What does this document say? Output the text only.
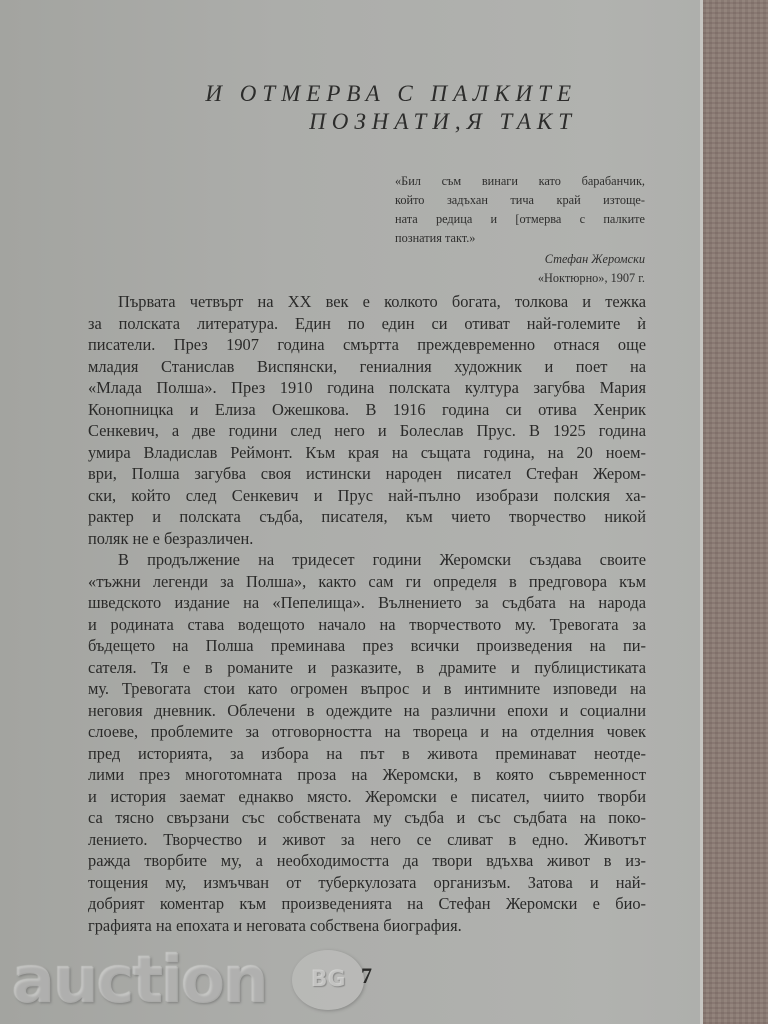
И ОТМЕРВА С ПАЛКИТЕ
ПОЗНАТИ,Я ТАКТ
«Бил съм винаги като барабанчик,
който задъхан тича край изтоще-
ната редица и [отмерва с палките
познатия такт.»
Стефан Жеромски
«Ноктюрно», 1907 г.
Първата четвърт на XX век е колкото богата, толкова и тежка
за полската литература. Един по един си отиват най-големите ѝ
писатели. През 1907 година смъртта преждевременно отнася още
младия Станислав Виспянски, гениалния художник и поет на
«Млада Полша». През 1910 година полската култура загубва Мария
Конопницка и Елиза Ожешкова. В 1916 година си отива Хенрик
Сенкевич, а две години след него и Болеслав Прус. В 1925 година
умира Владислав Реймонт. Към края на същата година, на 20 ноем-
ври, Полша загубва своя истински народен писател Стефан Жером-
ски, който след Сенкевич и Прус най-пълно изобрази полския ха-
рактер и полската съдба, писателя, към чието творчество никой
поляк не е безразличен.
В продължение на тридесет години Жеромски създава своите
«тъжни легенди за Полша», както сам ги определя в предговора към
шведското издание на «Пепелища». Вълнението за съдбата на народа
и родината става водещото начало на творчеството му. Тревогата за
бъдещето на Полша преминава през всички произведения на пи-
сателя. Тя е в романите и разказите, в драмите и публицистиката
му. Тревогата стои като огромен въпрос и в интимните изповеди на
неговия дневник. Облечени в одеждите на различни епохи и социални
слоеве, проблемите за отговорността на твореца и на отделния човек
пред историята, за избора на път в живота преминават неотде-
лими през многотомната проза на Жеромски, в която съвременност
и история заемат еднакво място. Жеромски е писател, чиито творби
са тясно свързани със собствената му съдба и със съдбата на поко-
лението. Творчество и живот за него се сливат в едно. Животът
ражда творбите му, а необходимостта да твори вдъхва живот в из-
тощения му, измъчван от туберкулозата организъм. Затова и най-
добрият коментар към произведенията на Стефан Жеромски е био-
графията на епохата и неговата собствена биография.
auction	BG 7
